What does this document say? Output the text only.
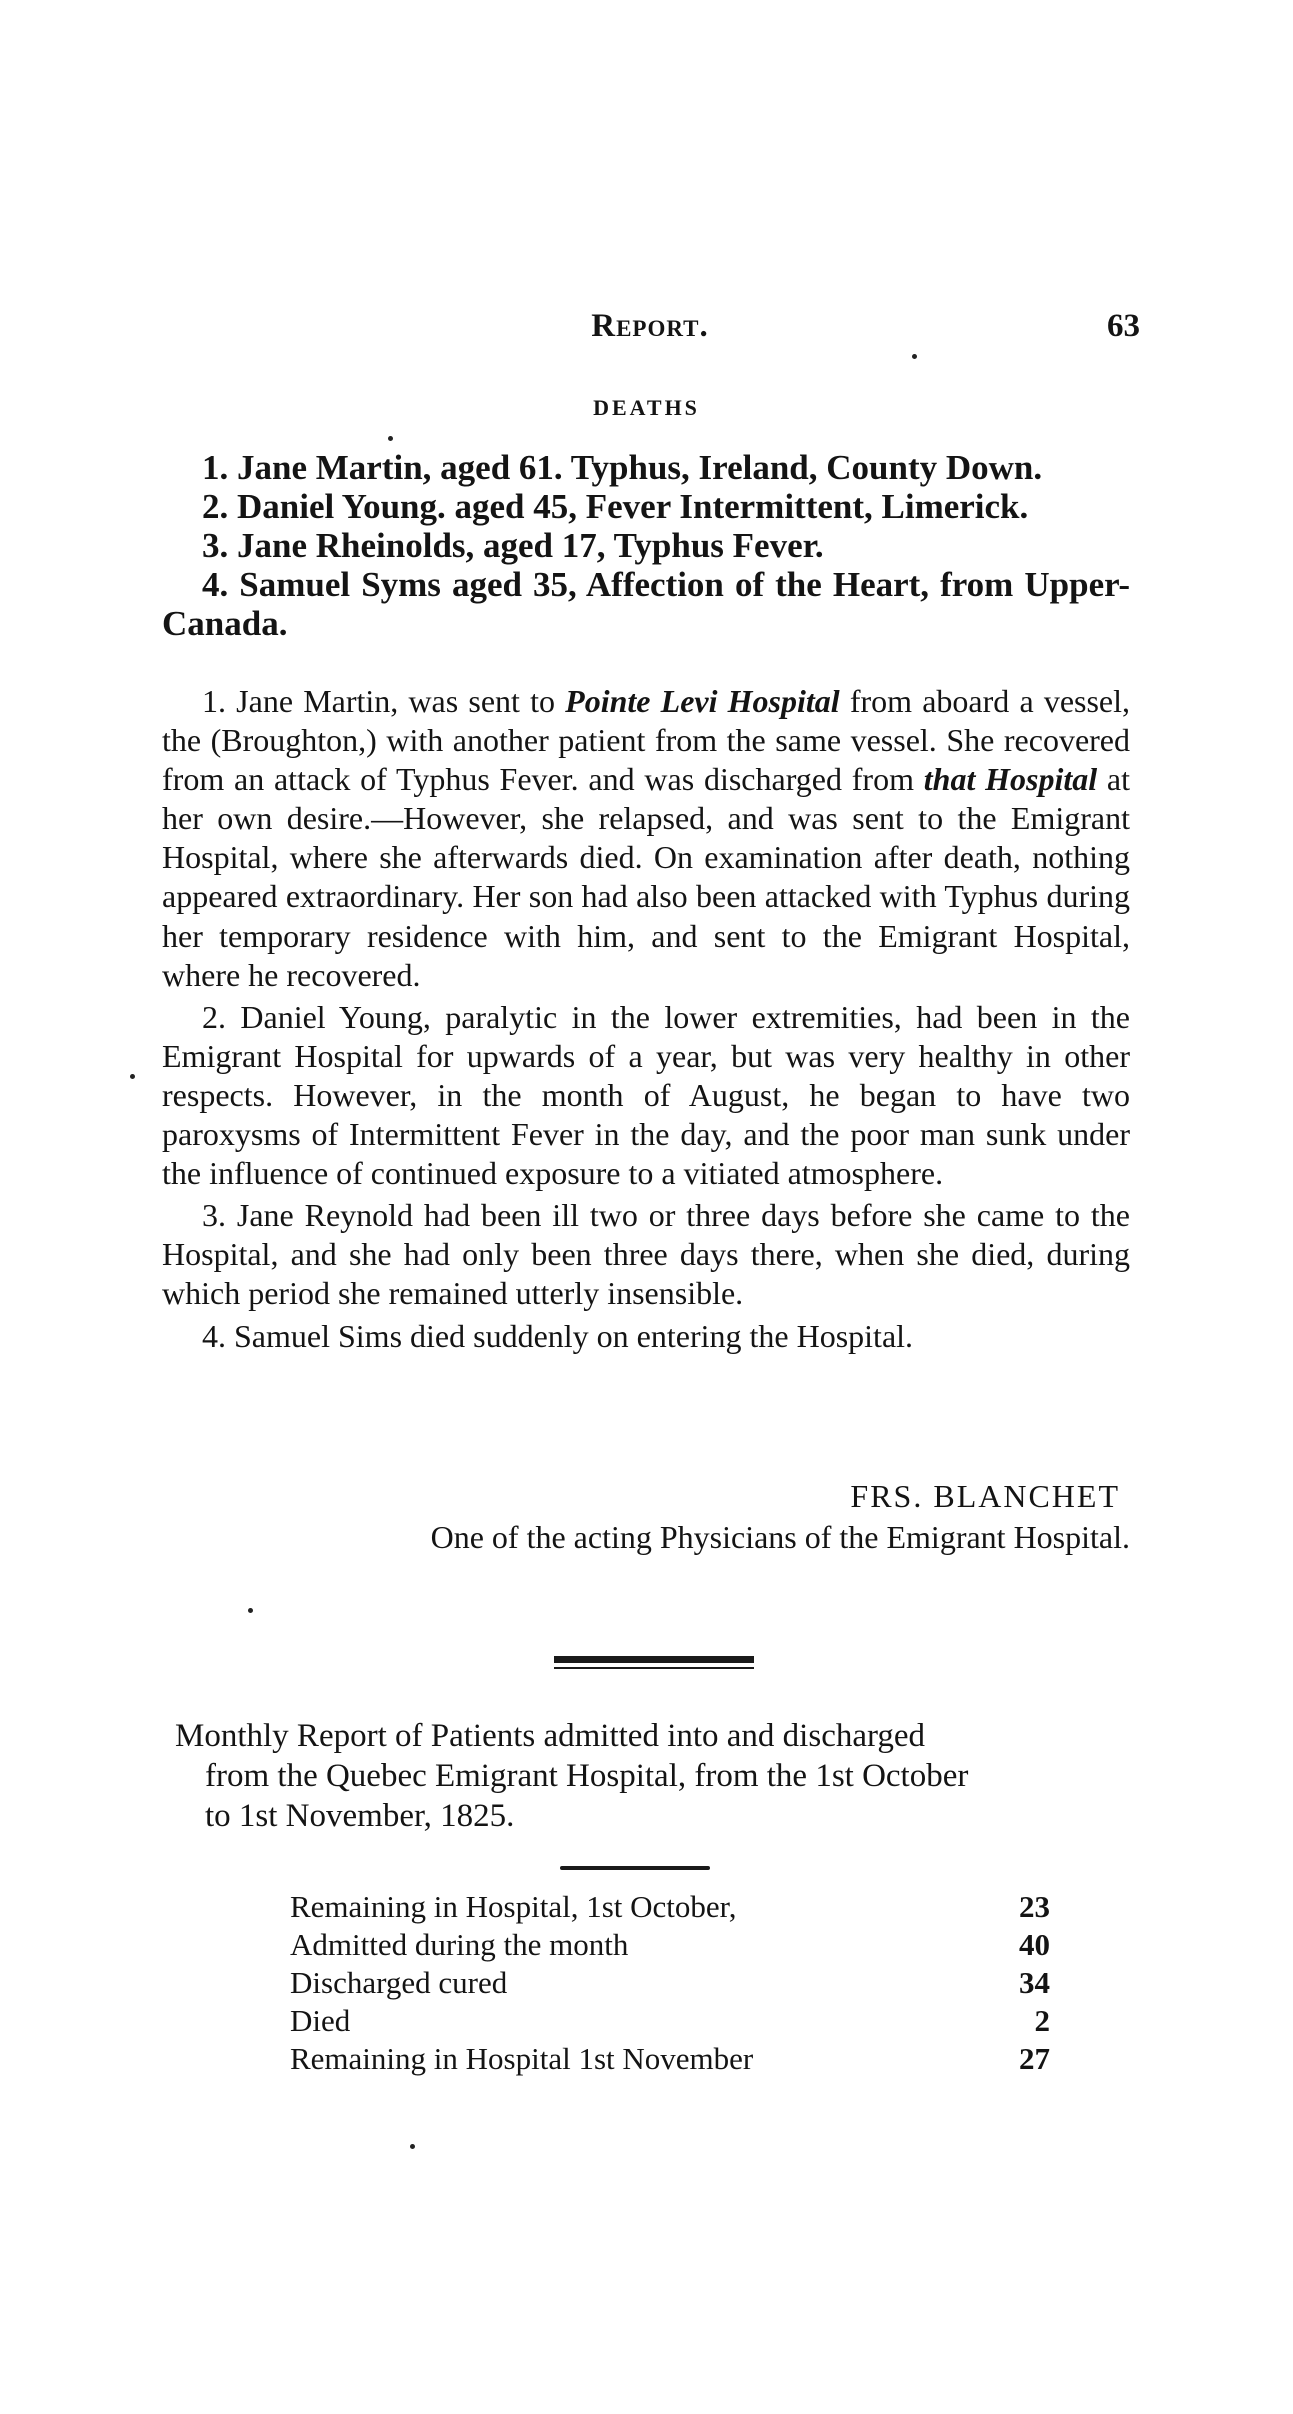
Report.	63
DEATHS
1. Jane Martin, aged 61. Typhus, Ireland, County Down.
2. Daniel Young. aged 45, Fever Intermittent, Limerick.
3. Jane Rheinolds, aged 17, Typhus Fever.
4. Samuel Syms aged 35, Affection of the Heart, from Upper-Canada.

1. Jane Martin, was sent to Pointe Levi Hospital from aboard a vessel, the (Broughton,) with another patient from the same vessel. She recovered from an attack of Typhus Fever. and was discharged from that Hospital at her own desire.—However, she relapsed, and was sent to the Emigrant Hospital, where she afterwards died. On examination after death, nothing appeared extraordinary. Her son had also been attacked with Typhus during her temporary residence with him, and sent to the Emigrant Hospital, where he recovered.

2. Daniel Young, paralytic in the lower extremities, had been in the Emigrant Hospital for upwards of a year, but was very healthy in other respects. However, in the month of August, he began to have two paroxysms of Intermittent Fever in the day, and the poor man sunk under the influence of continued exposure to a vitiated atmosphere.

3. Jane Reynold had been ill two or three days before she came to the Hospital, and she had only been three days there, when she died, during which period she remained utterly insensible.

4. Samuel Sims died suddenly on entering the Hospital.

FRS. BLANCHET
One of the acting Physicians of the Emigrant Hospital.

Monthly Report of Patients admitted into and discharged
from the Quebec Emigrant Hospital, from the 1st October
to 1st November, 1825.

Remaining in Hospital, 1st October,	23
Admitted during the month	40
Discharged cured	34
Died	2
Remaining in Hospital 1st November	27
